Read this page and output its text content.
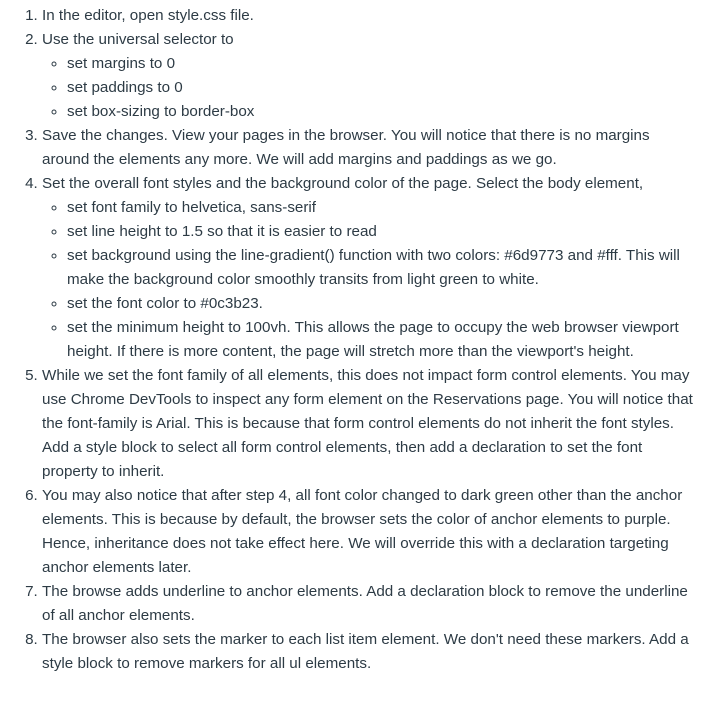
1. In the editor, open style.css file.
2. Use the universal selector to
◦ set margins to 0
◦ set paddings to 0
◦ set box-sizing to border-box
3. Save the changes. View your pages in the browser. You will notice that there is no margins around the elements any more. We will add margins and paddings as we go.
4. Set the overall font styles and the background color of the page. Select the body element,
◦ set font family to helvetica, sans-serif
◦ set line height to 1.5 so that it is easier to read
◦ set background using the line-gradient() function with two colors: #6d9773 and #fff. This will make the background color smoothly transits from light green to white.
◦ set the font color to #0c3b23.
◦ set the minimum height to 100vh. This allows the page to occupy the web browser viewport height. If there is more content, the page will stretch more than the viewport's height.
5. While we set the font family of all elements, this does not impact form control elements. You may use Chrome DevTools to inspect any form element on the Reservations page. You will notice that the font-family is Arial. This is because that form control elements do not inherit the font styles. Add a style block to select all form control elements, then add a declaration to set the font property to inherit.
6. You may also notice that after step 4, all font color changed to dark green other than the anchor elements. This is because by default, the browser sets the color of anchor elements to purple. Hence, inheritance does not take effect here. We will override this with a declaration targeting anchor elements later.
7. The browse adds underline to anchor elements. Add a declaration block to remove the underline of all anchor elements.
8. The browser also sets the marker to each list item element. We don't need these markers. Add a style block to remove markers for all ul elements.
